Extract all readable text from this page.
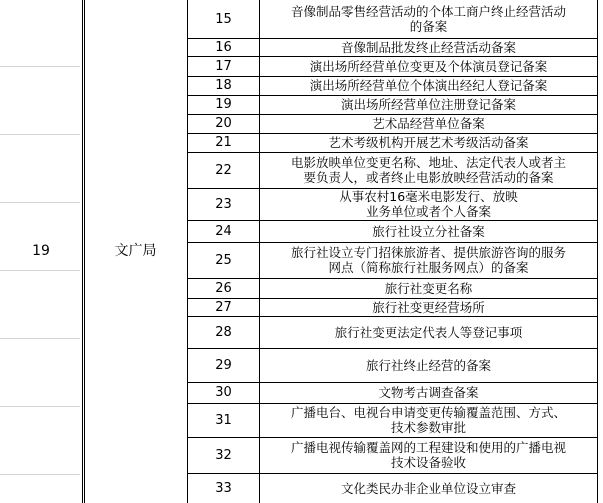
19	文广局
15	音像制品零售经营活动的个体工商户终止经营活动
的备案
16	音像制品批发终止经营活动备案
17	演出场所经营单位变更及个体演员登记备案
18	演出场所经营单位个体演出经纪人登记备案
19	演出场所经营单位注册登记备案
20	艺术品经营单位备案
21	艺术考级机构开展艺术考级活动备案
22	电影放映单位变更名称、地址、法定代表人或者主
要负责人，或者终止电影放映经营活动的备案
23	从事农村16毫米电影发行、放映
业务单位或者个人备案
24	旅行社设立分社备案
25	旅行社设立专门招徕旅游者、提供旅游咨询的服务
网点（简称旅行社服务网点）的备案
26	旅行社变更名称
27	旅行社变更经营场所
28	旅行社变更法定代表人等登记事项
29	旅行社终止经营的备案
30	文物考古调查备案
31	广播电台、电视台申请变更传输覆盖范围、方式、
技术参数审批
32	广播电视传输覆盖网的工程建设和使用的广播电视
技术设备验收
33	文化类民办非企业单位设立审查
